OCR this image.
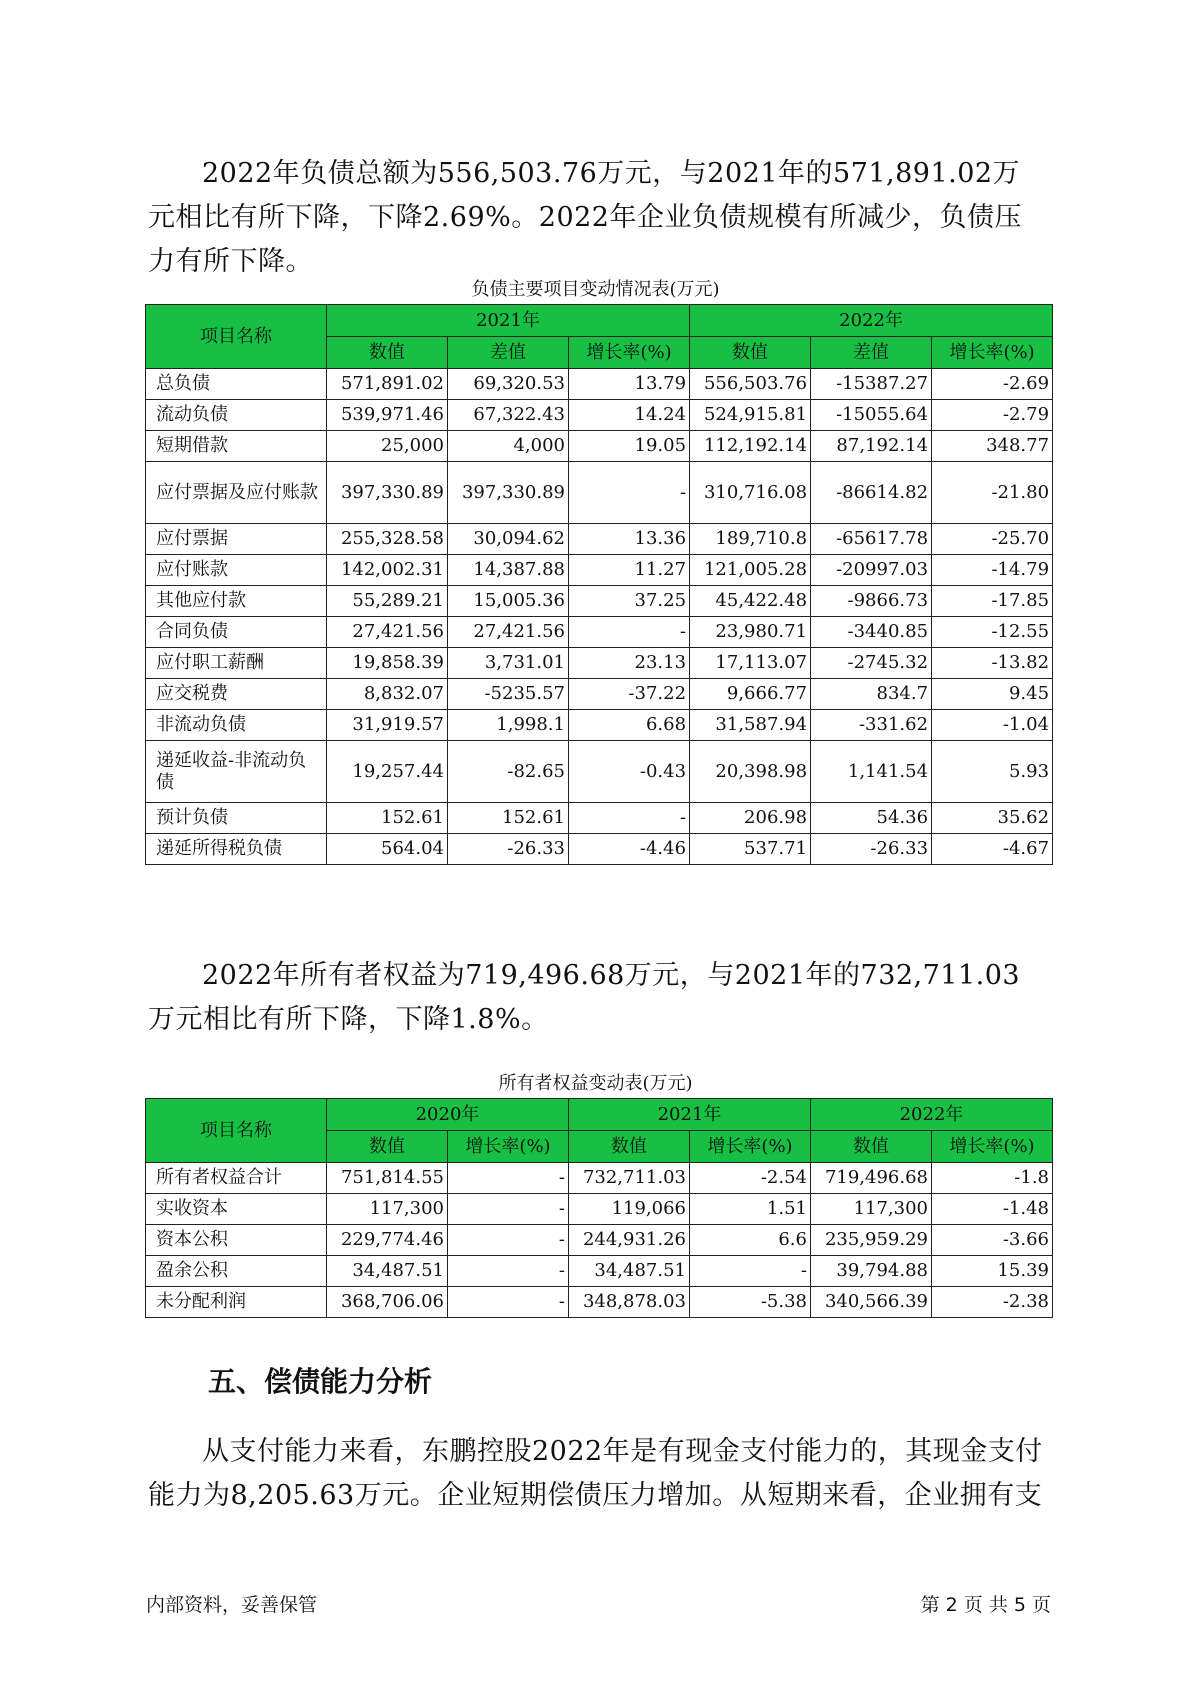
2022年负债总额为556,503.76万元，与2021年的571,891.02万元相比有所下降，下降2.69%。2022年企业负债规模有所减少，负债压力有所下降。

负债主要项目变动情况表(万元)
项目名称	2021年			2022年		
	数值	差值	增长率(%)	数值	差值	增长率(%)
总负债	571,891.02	69,320.53	13.79	556,503.76	-15387.27	-2.69
流动负债	539,971.46	67,322.43	14.24	524,915.81	-15055.64	-2.79
短期借款	25,000	4,000	19.05	112,192.14	87,192.14	348.77
应付票据及应付账款	397,330.89	397,330.89	-	310,716.08	-86614.82	-21.80
应付票据	255,328.58	30,094.62	13.36	189,710.8	-65617.78	-25.70
应付账款	142,002.31	14,387.88	11.27	121,005.28	-20997.03	-14.79
其他应付款	55,289.21	15,005.36	37.25	45,422.48	-9866.73	-17.85
合同负债	27,421.56	27,421.56	-	23,980.71	-3440.85	-12.55
应付职工薪酬	19,858.39	3,731.01	23.13	17,113.07	-2745.32	-13.82
应交税费	8,832.07	-5235.57	-37.22	9,666.77	834.7	9.45
非流动负债	31,919.57	1,998.1	6.68	31,587.94	-331.62	-1.04
递延收益-非流动负债	19,257.44	-82.65	-0.43	20,398.98	1,141.54	5.93
预计负债	152.61	152.61	-	206.98	54.36	35.62
递延所得税负债	564.04	-26.33	-4.46	537.71	-26.33	-4.67

2022年所有者权益为719,496.68万元，与2021年的732,711.03万元相比有所下降，下降1.8%。

所有者权益变动表(万元)
项目名称	2020年		2021年		2022年	
	数值	增长率(%)	数值	增长率(%)	数值	增长率(%)
所有者权益合计	751,814.55	-	732,711.03	-2.54	719,496.68	-1.8
实收资本	117,300	-	119,066	1.51	117,300	-1.48
资本公积	229,774.46	-	244,931.26	6.6	235,959.29	-3.66
盈余公积	34,487.51	-	34,487.51	-	39,794.88	15.39
未分配利润	368,706.06	-	348,878.03	-5.38	340,566.39	-2.38
五、偿债能力分析

从支付能力来看，东鹏控股2022年是有现金支付能力的，其现金支付能力为8,205.63万元。企业短期偿债压力增加。从短期来看，企业拥有支

内部资料，妥善保管	第 2 页 共 5 页
